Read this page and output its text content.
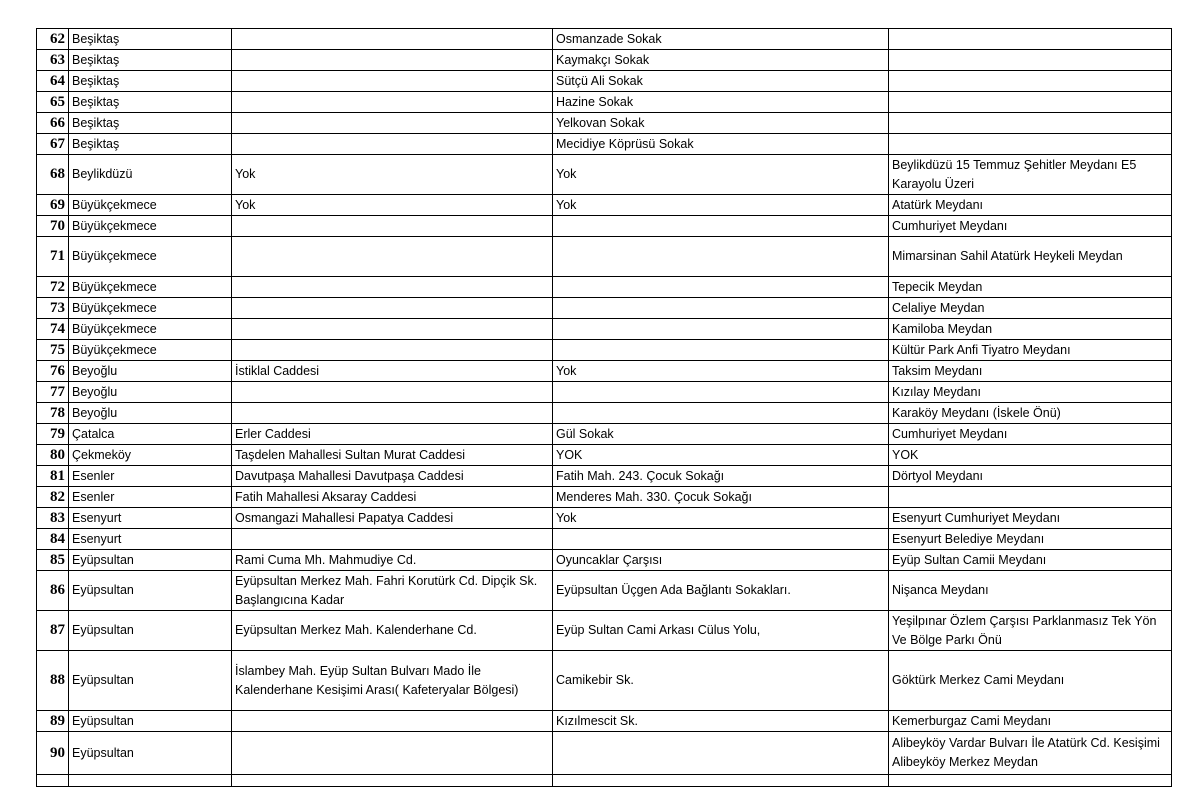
62	Beşiktaş		Osmanzade Sokak	
63	Beşiktaş		Kaymakçı Sokak	
64	Beşiktaş		Sütçü Ali Sokak	
65	Beşiktaş		Hazine Sokak	
66	Beşiktaş		Yelkovan Sokak	
67	Beşiktaş		Mecidiye Köprüsü Sokak	
68	Beylikdüzü	Yok	Yok	Beylikdüzü 15 Temmuz Şehitler Meydanı E5 Karayolu Üzeri
69	Büyükçekmece	Yok	Yok	Atatürk Meydanı
70	Büyükçekmece			Cumhuriyet Meydanı
71	Büyükçekmece			Mimarsinan Sahil Atatürk Heykeli Meydan
72	Büyükçekmece			Tepecik Meydan
73	Büyükçekmece			Celaliye Meydan
74	Büyükçekmece			Kamiloba Meydan
75	Büyükçekmece			Kültür Park Anfi Tiyatro Meydanı
76	Beyoğlu	İstiklal Caddesi	Yok	Taksim Meydanı
77	Beyoğlu			Kızılay Meydanı
78	Beyoğlu			Karaköy Meydanı (İskele Önü)
79	Çatalca	Erler Caddesi	Gül Sokak	Cumhuriyet Meydanı
80	Çekmeköy	Taşdelen Mahallesi Sultan Murat Caddesi	YOK	YOK
81	Esenler	Davutpaşa Mahallesi Davutpaşa Caddesi	Fatih Mah. 243. Çocuk Sokağı	Dörtyol Meydanı
82	Esenler	Fatih Mahallesi Aksaray Caddesi	Menderes Mah. 330. Çocuk Sokağı	
83	Esenyurt	Osmangazi Mahallesi Papatya Caddesi	Yok	Esenyurt Cumhuriyet Meydanı
84	Esenyurt			Esenyurt Belediye Meydanı
85	Eyüpsultan	Rami Cuma Mh. Mahmudiye Cd.	Oyuncaklar Çarşısı	Eyüp Sultan Camii Meydanı
86	Eyüpsultan	Eyüpsultan Merkez Mah. Fahri Korutürk Cd. Dipçik Sk. Başlangıcına Kadar	Eyüpsultan Üçgen Ada Bağlantı Sokakları.	Nişanca Meydanı
87	Eyüpsultan	Eyüpsultan Merkez Mah. Kalenderhane Cd.	Eyüp Sultan Cami Arkası Cülus Yolu,	Yeşilpınar Özlem Çarşısı Parklanmasız Tek Yön Ve Bölge Parkı Önü
88	Eyüpsultan	İslambey Mah. Eyüp Sultan Bulvarı Mado İle Kalenderhane Kesişimi Arası( Kafeteryalar Bölgesi)	Camikebir Sk.	Göktürk Merkez Cami Meydanı
89	Eyüpsultan		Kızılmescit Sk.	Kemerburgaz Cami Meydanı
90	Eyüpsultan			Alibeyköy Vardar Bulvarı İle Atatürk Cd. Kesişimi Alibeyköy Merkez Meydan
